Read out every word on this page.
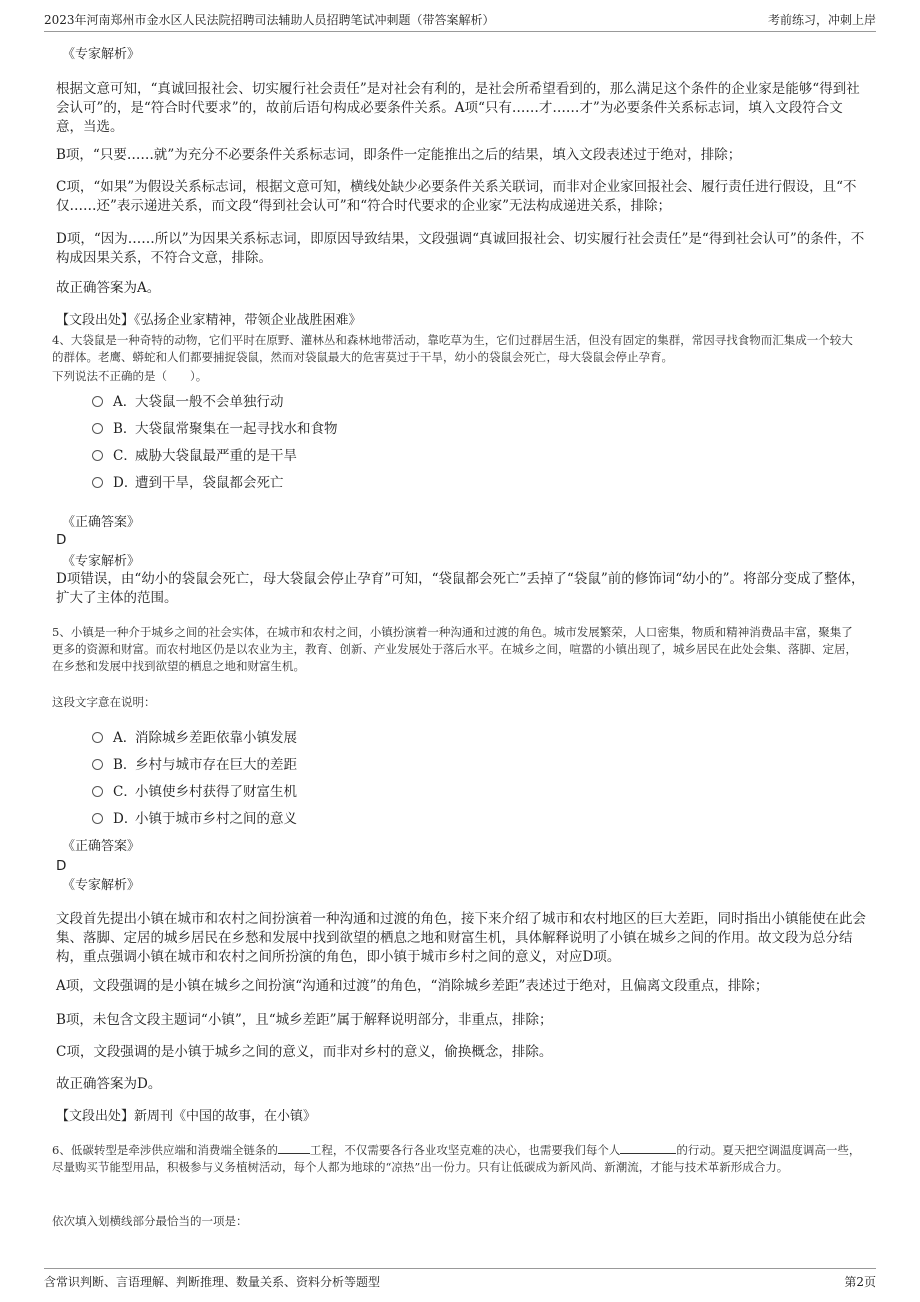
2023年河南郑州市金水区人民法院招聘司法辅助人员招聘笔试冲刺题（带答案解析）	考前练习，冲刺上岸
《专家解析》

根据文意可知，“真诚回报社会、切实履行社会责任”是对社会有利的，是社会所希望看到的，那么满足这个条件的企业家是能够“得到社会认可”的，是“符合时代要求”的，故前后语句构成必要条件关系。A项“只有……才……才”为必要条件关系标志词，填入文段符合文意，当选。

B项，“只要……就”为充分不必要条件关系标志词，即条件一定能推出之后的结果，填入文段表述过于绝对，排除；

C项，“如果”为假设关系标志词，根据文意可知，横线处缺少必要条件关系关联词，而非对企业家回报社会、履行责任进行假设，且“不仅……还”表示递进关系，而文段“得到社会认可”和“符合时代要求的企业家”无法构成递进关系，排除；

D项，“因为……所以”为因果关系标志词，即原因导致结果，文段强调“真诚回报社会、切实履行社会责任”是“得到社会认可”的条件，不构成因果关系，不符合文意，排除。

故正确答案为A。

【文段出处】《弘扬企业家精神，带领企业战胜困难》

4、大袋鼠是一种奇特的动物，它们平时在原野、灌林丛和森林地带活动，靠吃草为生，它们过群居生活，但没有固定的集群，常因寻找食物而汇集成一个较大的群体。老鹰、蟒蛇和人们都要捕捉袋鼠，然而对袋鼠最大的危害莫过于干旱，幼小的袋鼠会死亡，母大袋鼠会停止孕育。

下列说法不正确的是（　　）。

A．大袋鼠一般不会单独行动
B．大袋鼠常聚集在一起寻找水和食物
C．威胁大袋鼠最严重的是干旱
D．遭到干旱，袋鼠都会死亡
《正确答案》
D
《专家解析》

D项错误，由“幼小的袋鼠会死亡，母大袋鼠会停止孕育”可知，“袋鼠都会死亡”丢掉了“袋鼠”前的修饰词“幼小的”。将部分变成了整体，扩大了主体的范围。

5、小镇是一种介于城乡之间的社会实体，在城市和农村之间，小镇扮演着一种沟通和过渡的角色。城市发展繁荣，人口密集，物质和精神消费品丰富，聚集了更多的资源和财富。而农村地区仍是以农业为主，教育、创新、产业发展处于落后水平。在城乡之间，喧嚣的小镇出现了，城乡居民在此处会集、落脚、定居，在乡愁和发展中找到欲望的栖息之地和财富生机。

这段文字意在说明：

A．消除城乡差距依靠小镇发展
B．乡村与城市存在巨大的差距
C．小镇使乡村获得了财富生机
D．小镇于城市乡村之间的意义
《正确答案》
D
《专家解析》

文段首先提出小镇在城市和农村之间扮演着一种沟通和过渡的角色，接下来介绍了城市和农村地区的巨大差距，同时指出小镇能使在此会集、落脚、定居的城乡居民在乡愁和发展中找到欲望的栖息之地和财富生机，具体解释说明了小镇在城乡之间的作用。故文段为总分结构，重点强调小镇在城市和农村之间所扮演的角色，即小镇于城市乡村之间的意义，对应D项。

A项，文段强调的是小镇在城乡之间扮演“沟通和过渡”的角色，“消除城乡差距”表述过于绝对，且偏离文段重点，排除；

B项，未包含文段主题词“小镇”，且“城乡差距”属于解释说明部分，非重点，排除；

C项，文段强调的是小镇于城乡之间的意义，而非对乡村的意义，偷换概念，排除。

故正确答案为D。

【文段出处】新周刊《中国的故事，在小镇》

6、低碳转型是牵涉供应端和消费端全链条的	工程，不仅需要各行各业攻坚克难的决心，也需要我们每个人	的行动。夏天把空调温度调高一些，尽量购买节能型用品，积极参与义务植树活动，每个人都为地球的“凉热”出一份力。只有让低碳成为新风尚、新潮流，才能与技术革新形成合力。

依次填入划横线部分最恰当的一项是：

含常识判断、言语理解、判断推理、数量关系、资料分析等题型	第2页
